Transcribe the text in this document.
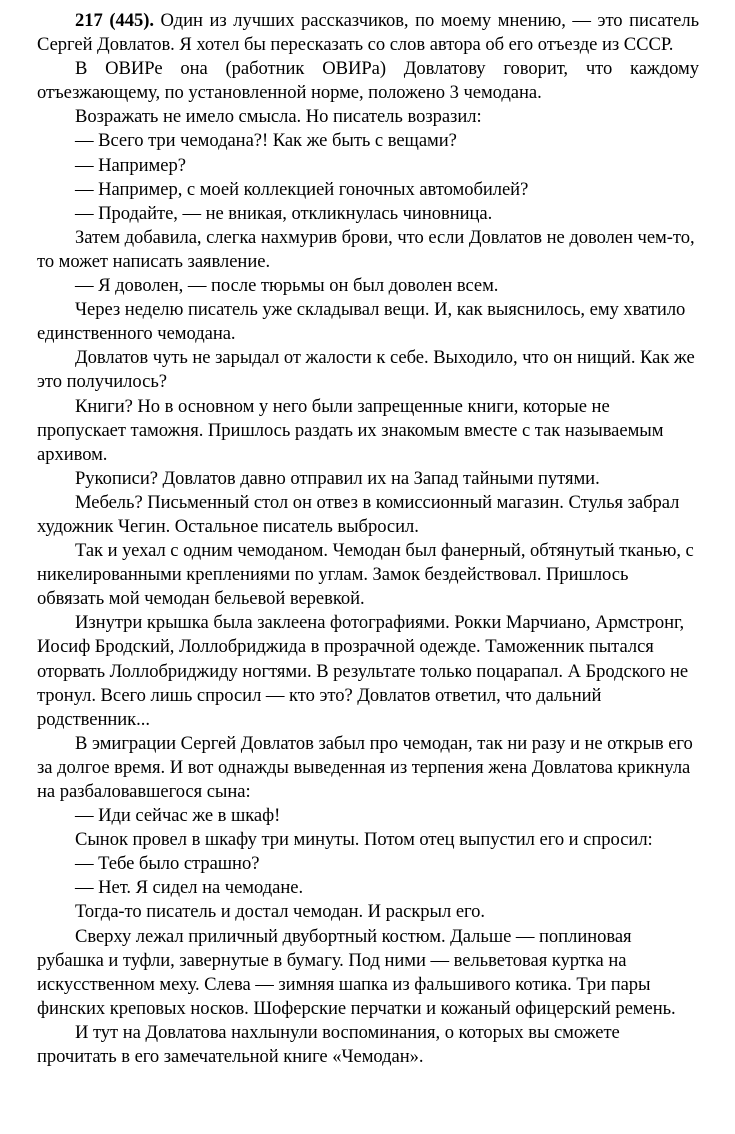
217 (445). Один из лучших рассказчиков, по моему мнению, — это писатель Сергей Довлатов. Я хотел бы пересказать со слов автора об его отъезде из СССР.

В ОВИРе она (работник ОВИРа) Довлатову говорит, что каждому отъезжающему, по установленной норме, положено 3 чемодана.

Возражать не имело смысла. Но писатель возразил:

— Всего три чемодана?! Как же быть с вещами?

— Например?

— Например, с моей коллекцией гоночных автомобилей?

— Продайте, — не вникая, откликнулась чиновница.

Затем добавила, слегка нахмурив брови, что если Довлатов не доволен чем-то, то может написать заявление.

— Я доволен, — после тюрьмы он был доволен всем.

Через неделю писатель уже складывал вещи. И, как выяснилось, ему хватило единственного чемодана.

Довлатов чуть не зарыдал от жалости к себе. Выходило, что он нищий. Как же это получилось?

Книги? Но в основном у него были запрещенные книги, которые не пропускает таможня. Пришлось раздать их знакомым вместе с так называемым архивом.

Рукописи? Довлатов давно отправил их на Запад тайными путями.

Мебель? Письменный стол он отвез в комиссионный магазин. Стулья забрал художник Чегин. Остальное писатель выбросил.

Так и уехал с одним чемоданом. Чемодан был фанерный, обтянутый тканью, с никелированными креплениями по углам. Замок бездействовал. Пришлось обвязать мой чемодан бельевой веревкой.

Изнутри крышка была заклеена фотографиями. Рокки Марчиано, Армстронг, Иосиф Бродский, Лоллобриджида в прозрачной одежде. Таможенник пытался оторвать Лоллобриджиду ногтями. В результате только поцарапал. А Бродского не тронул. Всего лишь спросил — кто это? Довлатов ответил, что дальний родственник...

В эмиграции Сергей Довлатов забыл про чемодан, так ни разу и не открыв его за долгое время. И вот однажды выведенная из терпения жена Довлатова крикнула на разбаловавшегося сына:

— Иди сейчас же в шкаф!

Сынок провел в шкафу три минуты. Потом отец выпустил его и спросил:

— Тебе было страшно?

— Нет. Я сидел на чемодане.

Тогда-то писатель и достал чемодан. И раскрыл его.

Сверху лежал приличный двубортный костюм. Дальше — поплиновая рубашка и туфли, завернутые в бумагу. Под ними — вельветовая куртка на искусственном меху. Слева — зимняя шапка из фальшивого котика. Три пары финских креповых носков. Шоферские перчатки и кожаный офицерский ремень.

И тут на Довлатова нахлынули воспоминания, о которых вы сможете прочитать в его замечательной книге «Чемодан».
